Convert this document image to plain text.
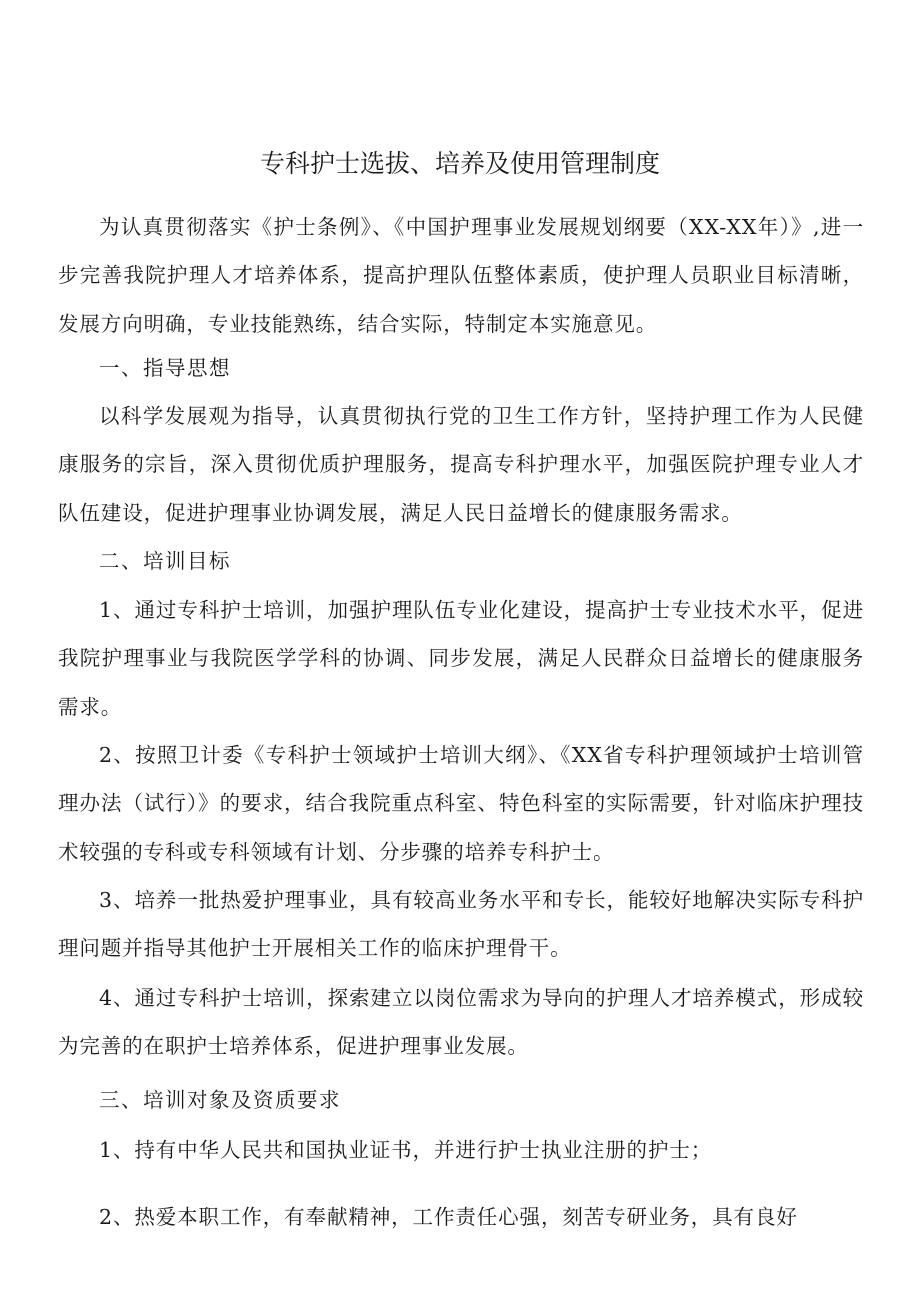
专科护士选拔、培养及使用管理制度

为认真贯彻落实《护士条例》、《中国护理事业发展规划纲要（XX-XX年）》,进一步完善我院护理人才培养体系，提高护理队伍整体素质，使护理人员职业目标清晰，发展方向明确，专业技能熟练，结合实际，特制定本实施意见。

一、指导思想

以科学发展观为指导，认真贯彻执行党的卫生工作方针，坚持护理工作为人民健康服务的宗旨，深入贯彻优质护理服务，提高专科护理水平，加强医院护理专业人才队伍建设，促进护理事业协调发展，满足人民日益增长的健康服务需求。

二、培训目标

1、通过专科护士培训，加强护理队伍专业化建设，提高护士专业技术水平，促进我院护理事业与我院医学学科的协调、同步发展，满足人民群众日益增长的健康服务需求。

2、按照卫计委《专科护士领域护士培训大纲》、《XX省专科护理领域护士培训管理办法（试行）》的要求，结合我院重点科室、特色科室的实际需要，针对临床护理技术较强的专科或专科领域有计划、分步骤的培养专科护士。

3、培养一批热爱护理事业，具有较高业务水平和专长，能较好地解决实际专科护理问题并指导其他护士开展相关工作的临床护理骨干。

4、通过专科护士培训，探索建立以岗位需求为导向的护理人才培养模式，形成较为完善的在职护士培养体系，促进护理事业发展。

三、培训对象及资质要求

1、持有中华人民共和国执业证书，并进行护士执业注册的护士；

2、热爱本职工作，有奉献精神，工作责任心强，刻苦专研业务，具有良好
